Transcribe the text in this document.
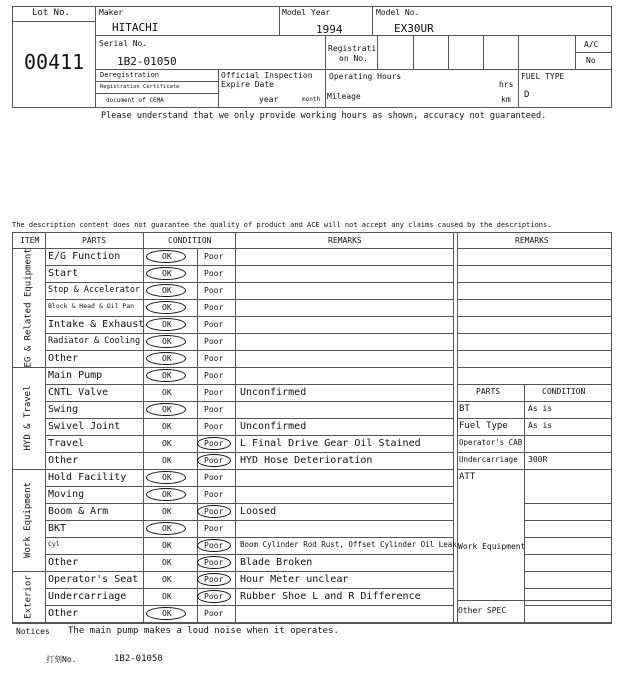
Lot No.
00411
Maker
HITACHI
Model Year
1994
Model No.
EX30UR
Serial No.
1B2-01050
Registrati
on No.
A/C
No
Deregistration
Registration Certificate
document of CEMA
Official Inspection
Expire Date
year	month
Operating Hours
hrs
Mileage	km
FUEL TYPE
D
Please understand that we only provide working hours as shown, accuracy not guaranteed.
The description content does not guarantee the quality of product and ACE will not accept any claims caused by the descriptions.
ITEM	PARTS	CONDITION	REMARKS
E/G Function	OK	Poor
Start	OK	Poor
Stop & Accelerator	OK	Poor
Block & Head & Oil Pan	OK	Poor
Intake & Exhaust OK	Poor
Radiator & Cooling	OK	Poor
Other	OK	Poor
EG & Related Equipment
Main Pump	OK	Poor
CNTL Valve	OK	Poor Unconfirmed
Swing	OK	Poor
Swivel Joint	OK	Poor Unconfirmed
Travel	OK	Poor L Final Drive Gear Oil Stained
Other	OK	Poor HYD Hose Deterioration
HYD & Travel
Hold Facility	OK	Poor
Moving	OK	Poor
Boom & Arm	OK	Poor Loosed
BKT	OK	Poor
Cyl	OK	Poor Boom Cylinder Rod Rust, Offset Cylinder Oil Leak
Other	OK	Poor Blade Broken
Work Equipment
Operator's Seat	OK	Poor Hour Meter unclear
Undercarriage	OK	Poor Rubber Shoe L and R Difference
Other	OK	Poor
Exterior
REMARKS
PARTS	CONDITION
BT	As is
Fuel Type	As is
Operator's CAB
Undercarriage 300R
ATT
Work Equipment
Other SPEC
Notices The main pump makes a loud noise when it operates.
打刻No.	1B2-01050
